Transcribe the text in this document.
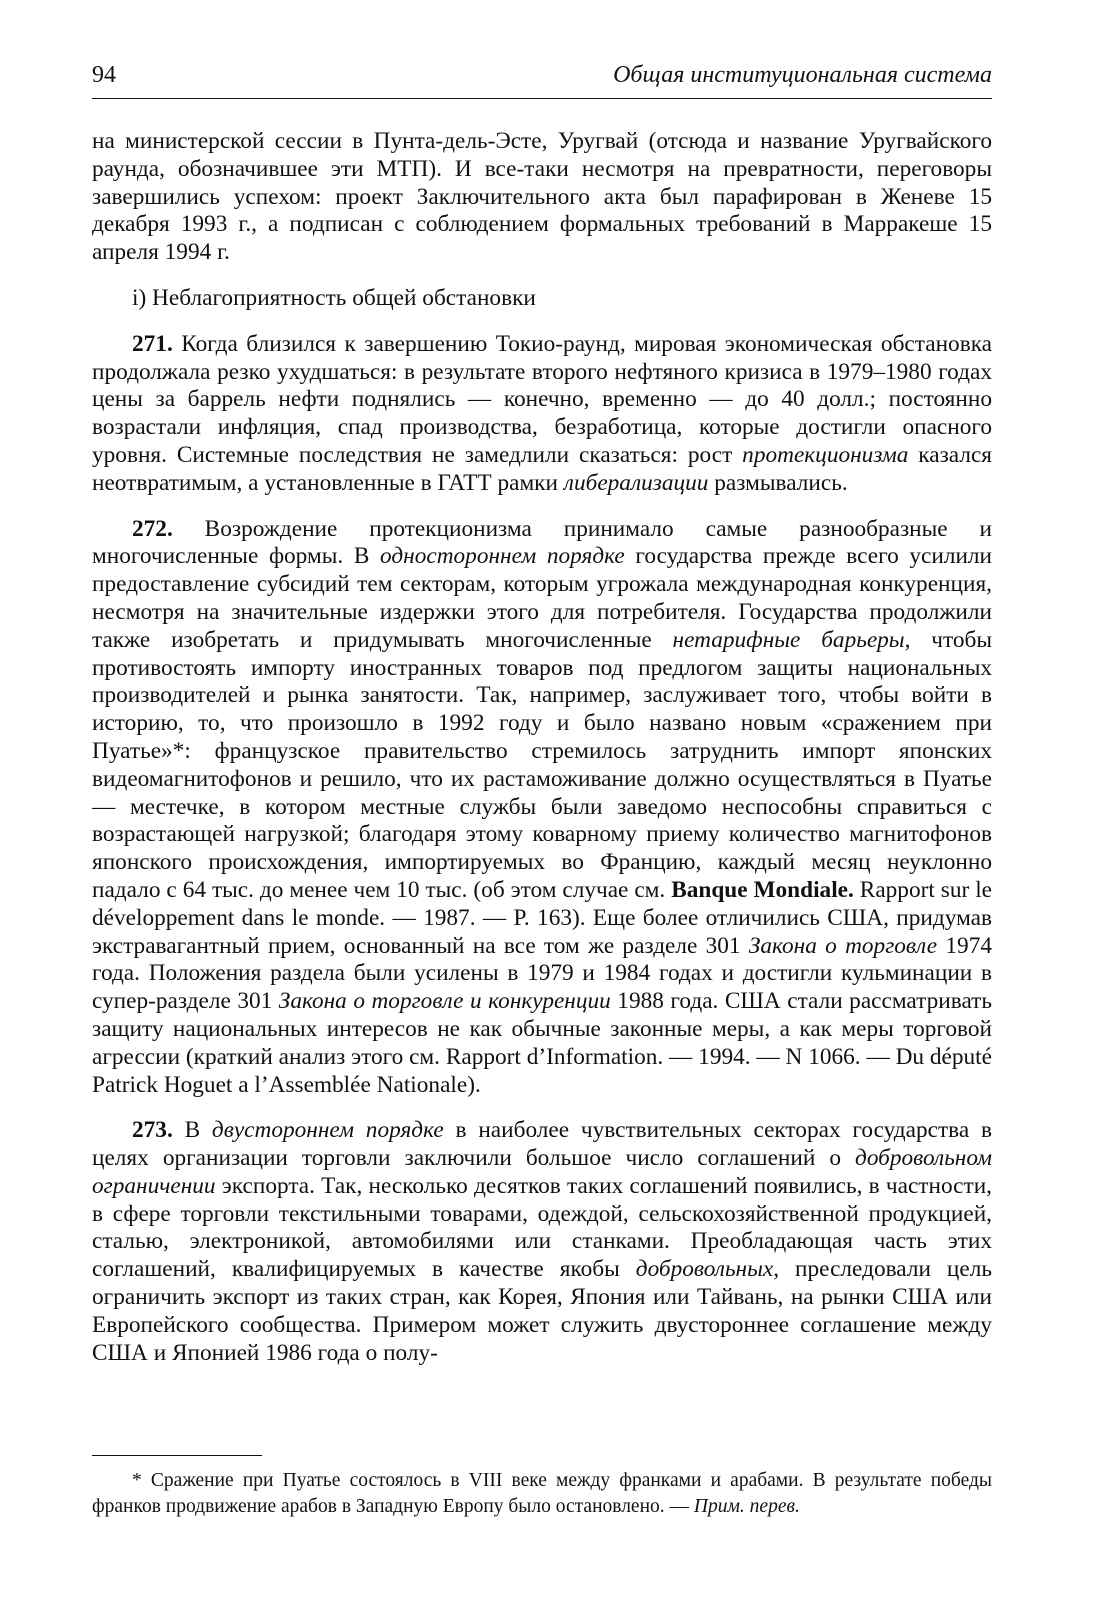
94	Общая институциональная система

на министерской сессии в Пунта-дель-Эсте, Уругвай (отсюда и название Уругвайского раунда, обозначившее эти МТП). И все-таки несмотря на превратности, переговоры завершились успехом: проект Заключительного акта был парафирован в Женеве 15 декабря 1993 г., а подписан с соблюдением формальных требований в Марракеше 15 апреля 1994 г.

i) Неблагоприятность общей обстановки

271. Когда близился к завершению Токио-раунд, мировая экономическая обстановка продолжала резко ухудшаться: в результате второго нефтяного кризиса в 1979–1980 годах цены за баррель нефти поднялись — конечно, временно — до 40 долл.; постоянно возрастали инфляция, спад производства, безработица, которые достигли опасного уровня. Системные последствия не замедлили сказаться: рост протекционизма казался неотвратимым, а установленные в ГАТТ рамки либерализации размывались.

272. Возрождение протекционизма принимало самые разнообразные и многочисленные формы. В одностороннем порядке государства прежде всего усилили предоставление субсидий тем секторам, которым угрожала международная конкуренция, несмотря на значительные издержки этого для потребителя. Государства продолжили также изобретать и придумывать многочисленные нетарифные барьеры, чтобы противостоять импорту иностранных товаров под предлогом защиты национальных производителей и рынка занятости. Так, например, заслуживает того, чтобы войти в историю, то, что произошло в 1992 году и было названо новым «сражением при Пуатье»*: французское правительство стремилось затруднить импорт японских видеомагнитофонов и решило, что их растаможивание должно осуществляться в Пуатье — местечке, в котором местные службы были заведомо неспособны справиться с возрастающей нагрузкой; благодаря этому коварному приему количество магнитофонов японского происхождения, импортируемых во Францию, каждый месяц неуклонно падало с 64 тыс. до менее чем 10 тыс. (об этом случае см. Banque Mondiale. Rapport sur le développement dans le monde. — 1987. — P. 163). Еще более отличились США, придумав экстравагантный прием, основанный на все том же разделе 301 Закона о торговле 1974 года. Положения раздела были усилены в 1979 и 1984 годах и достигли кульминации в супер-разделе 301 Закона о торговле и конкуренции 1988 года. США стали рассматривать защиту национальных интересов не как обычные законные меры, а как меры торговой агрессии (краткий анализ этого см. Rapport d’Information. — 1994. — N 1066. — Du député Patrick Hoguet a l’Assemblée Nationale).

273. В двустороннем порядке в наиболее чувствительных секторах государства в целях организации торговли заключили большое число соглашений о добровольном ограничении экспорта. Так, несколько десятков таких соглашений появились, в частности, в сфере торговли текстильными товарами, одеждой, сельскохозяйственной продукцией, сталью, электроникой, автомобилями или станками. Преобладающая часть этих соглашений, квалифицируемых в качестве якобы добровольных, преследовали цель ограничить экспорт из таких стран, как Корея, Япония или Тайвань, на рынки США или Европейского сообщества. Примером может служить двустороннее соглашение между США и Японией 1986 года о полу-

* Сражение при Пуатье состоялось в VIII веке между франками и арабами. В результате победы франков продвижение арабов в Западную Европу было остановлено. — Прим. перев.
